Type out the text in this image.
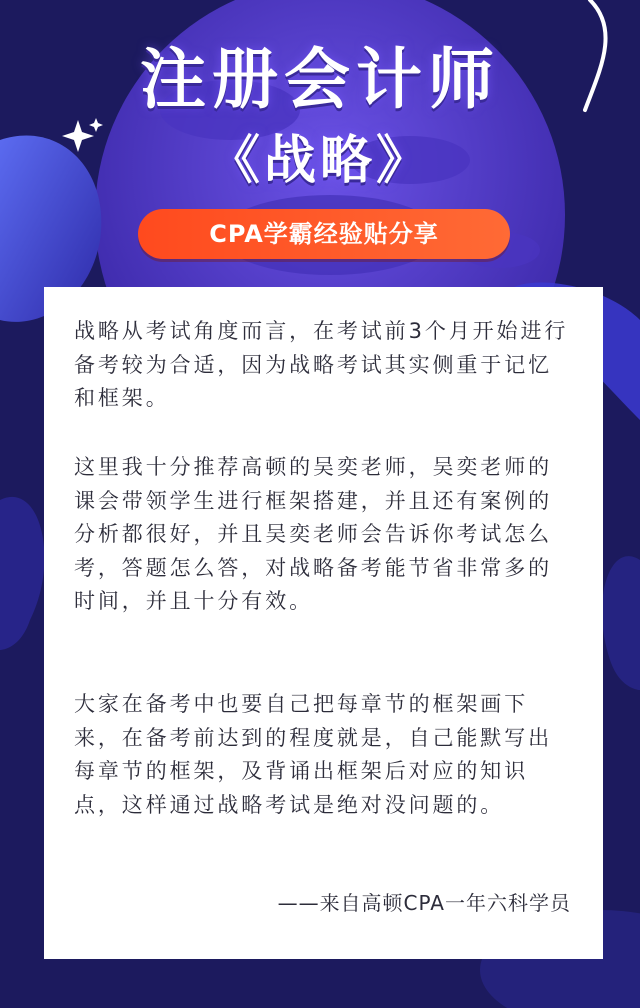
注册会计师
《战略》
CPA学霸经验贴分享

战略从考试角度而言，在考试前3个月开始进行备考较为合适，因为战略考试其实侧重于记忆和框架。

这里我十分推荐高顿的吴奕老师，吴奕老师的课会带领学生进行框架搭建，并且还有案例的分析都很好，并且吴奕老师会告诉你考试怎么考，答题怎么答，对战略备考能节省非常多的时间，并且十分有效。

大家在备考中也要自己把每章节的框架画下来，在备考前达到的程度就是，自己能默写出每章节的框架，及背诵出框架后对应的知识点，这样通过战略考试是绝对没问题的。

——来自高顿CPA一年六科学员
